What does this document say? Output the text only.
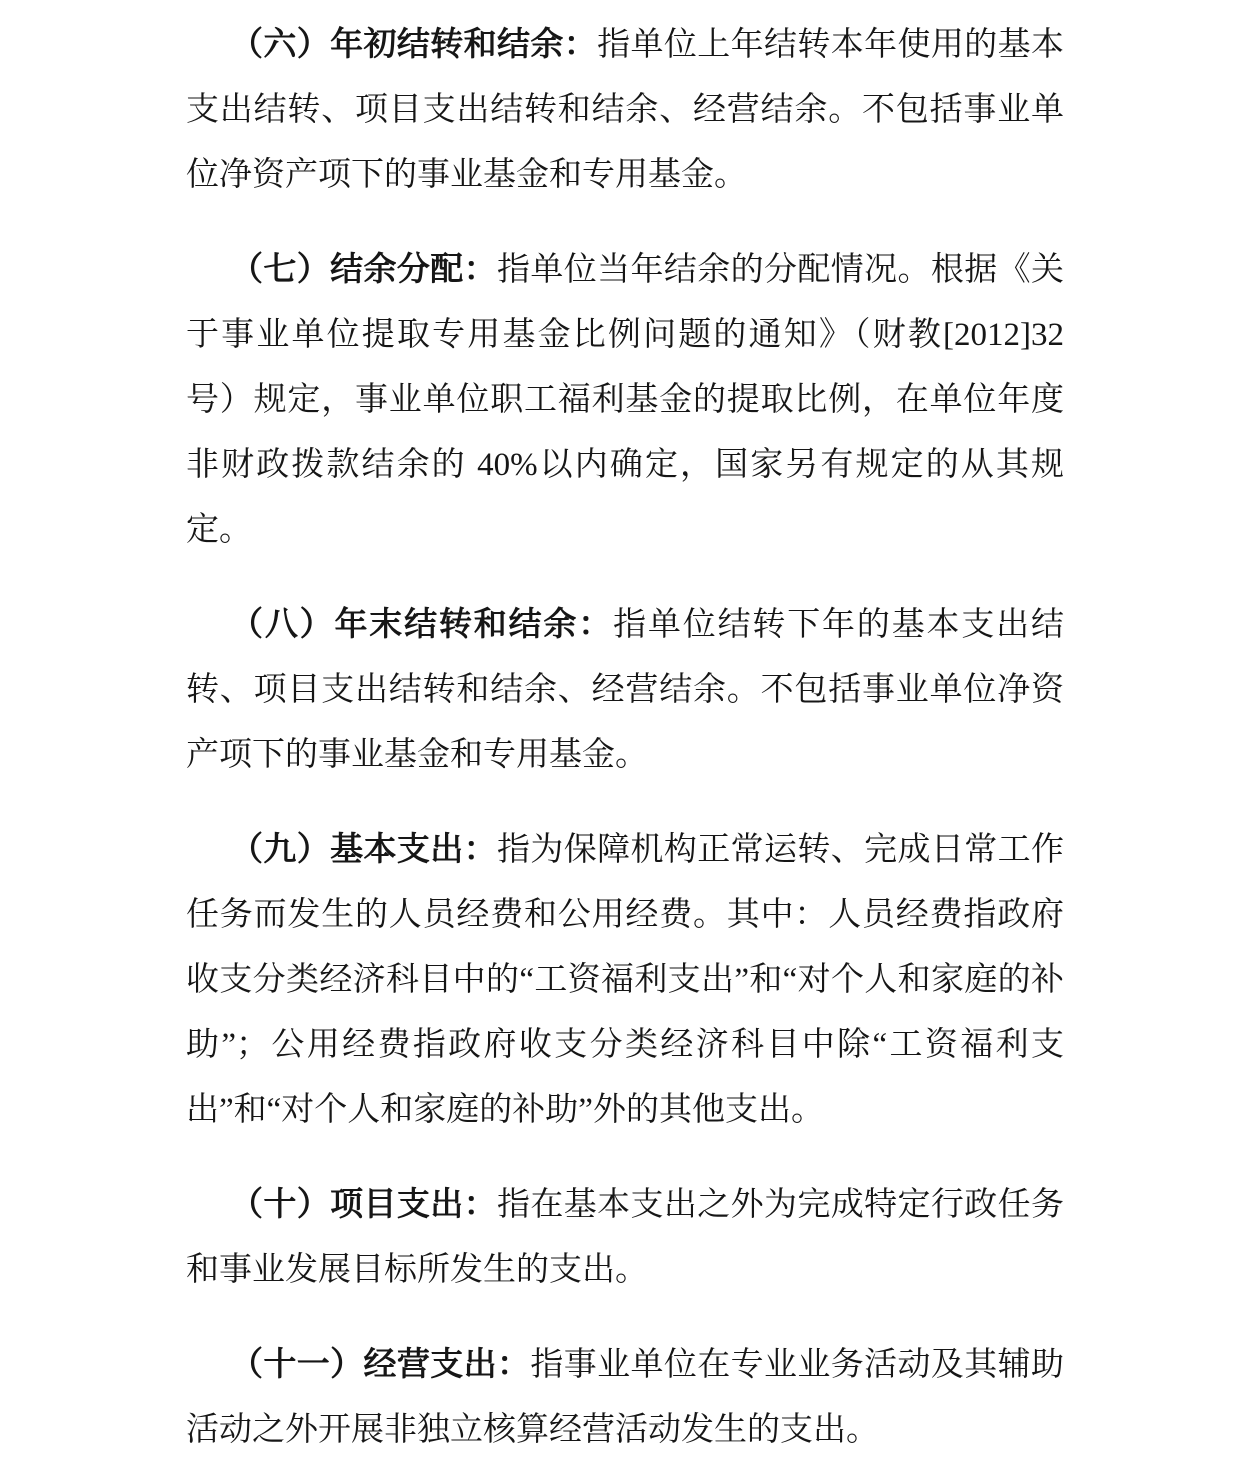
（六）年初结转和结余：指单位上年结转本年使用的基本支出结转、项目支出结转和结余、经营结余。不包括事业单位净资产项下的事业基金和专用基金。

（七）结余分配：指单位当年结余的分配情况。根据《关于事业单位提取专用基金比例问题的通知》（财教[2012]32 号）规定，事业单位职工福利基金的提取比例，在单位年度非财政拨款结余的 40%以内确定，国家另有规定的从其规定。

（八）年末结转和结余：指单位结转下年的基本支出结转、项目支出结转和结余、经营结余。不包括事业单位净资产项下的事业基金和专用基金。

（九）基本支出：指为保障机构正常运转、完成日常工作任务而发生的人员经费和公用经费。其中：人员经费指政府收支分类经济科目中的“工资福利支出”和“对个人和家庭的补助”；公用经费指政府收支分类经济科目中除“工资福利支出”和“对个人和家庭的补助”外的其他支出。

（十）项目支出：指在基本支出之外为完成特定行政任务和事业发展目标所发生的支出。

（十一）经营支出：指事业单位在专业业务活动及其辅助活动之外开展非独立核算经营活动发生的支出。
